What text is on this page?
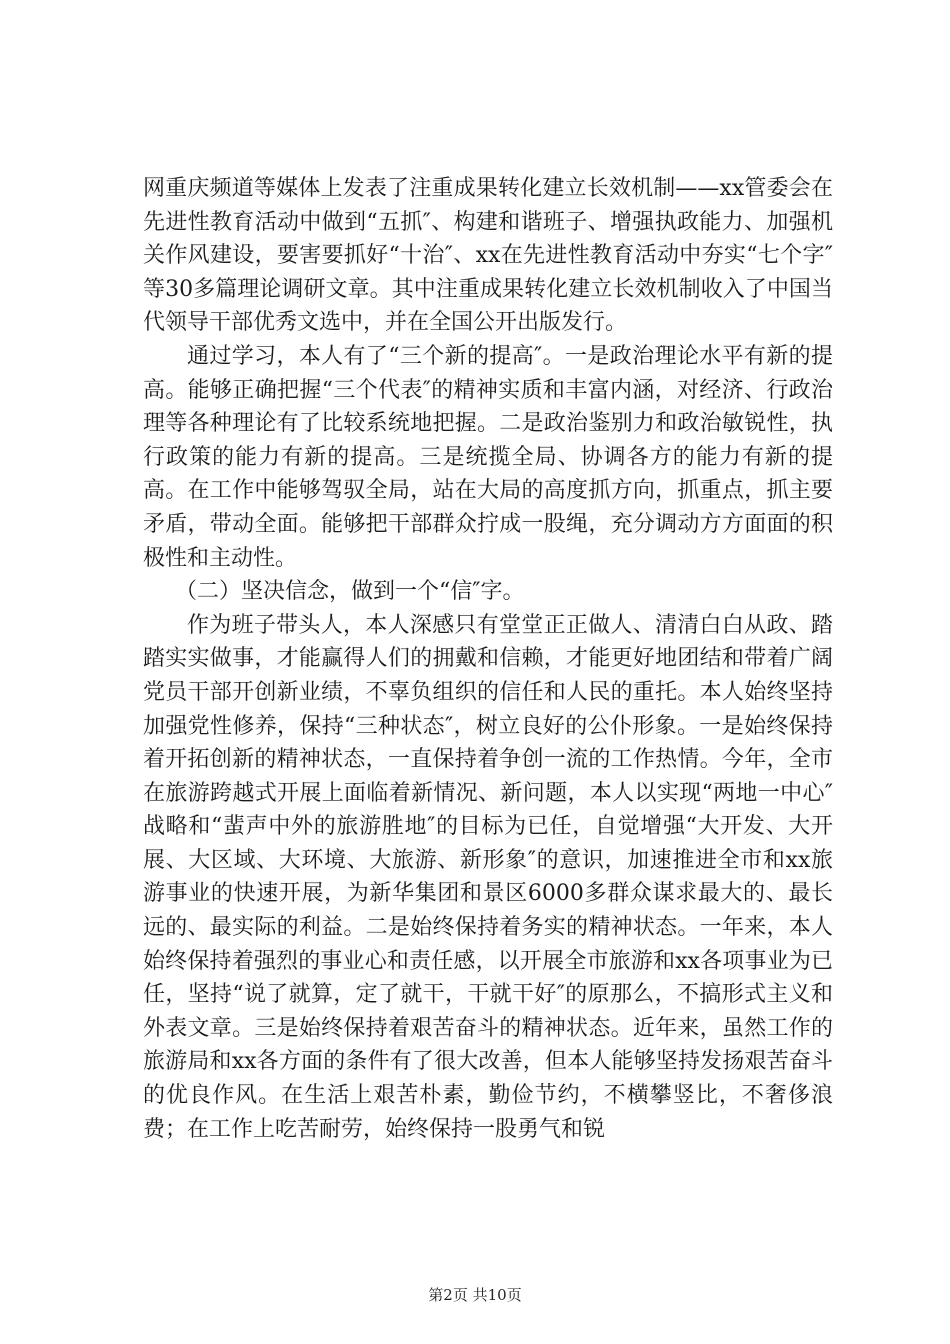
网重庆频道等媒体上发表了注重成果转化建立长效机制——xx管委会在先进性教育活动中做到“五抓″、构建和谐班子、增强执政能力、加强机关作风建设，要害要抓好“十治″、xx在先进性教育活动中夯实“七个字″等30多篇理论调研文章。其中注重成果转化建立长效机制收入了中国当代领导干部优秀文选中，并在全国公开出版发行。

通过学习，本人有了“三个新的提高″。一是政治理论水平有新的提高。能够正确把握“三个代表″的精神实质和丰富内涵，对经济、行政治理等各种理论有了比较系统地把握。二是政治鉴别力和政治敏锐性，执行政策的能力有新的提高。三是统揽全局、协调各方的能力有新的提高。在工作中能够驾驭全局，站在大局的高度抓方向，抓重点，抓主要矛盾，带动全面。能够把干部群众拧成一股绳，充分调动方方面面的积极性和主动性。

（二）坚决信念，做到一个“信″字。

作为班子带头人，本人深感只有堂堂正正做人、清清白白从政、踏踏实实做事，才能赢得人们的拥戴和信赖，才能更好地团结和带着广阔党员干部开创新业绩，不辜负组织的信任和人民的重托。本人始终坚持加强党性修养，保持“三种状态″，树立良好的公仆形象。一是始终保持着开拓创新的精神状态，一直保持着争创一流的工作热情。今年，全市在旅游跨越式开展上面临着新情况、新问题，本人以实现“两地一中心″战略和“蜚声中外的旅游胜地″的目标为已任，自觉增强“大开发、大开展、大区域、大环境、大旅游、新形象″的意识，加速推进全市和xx旅游事业的快速开展，为新华集团和景区6000多群众谋求最大的、最长远的、最实际的利益。二是始终保持着务实的精神状态。一年来，本人始终保持着强烈的事业心和责任感，以开展全市旅游和xx各项事业为已任，坚持“说了就算，定了就干，干就干好″的原那么，不搞形式主义和外表文章。三是始终保持着艰苦奋斗的精神状态。近年来，虽然工作的旅游局和xx各方面的条件有了很大改善，但本人能够坚持发扬艰苦奋斗的优良作风。在生活上艰苦朴素，勤俭节约，不横攀竖比，不奢侈浪费；在工作上吃苦耐劳，始终保持一股勇气和锐

第2页 共10页
